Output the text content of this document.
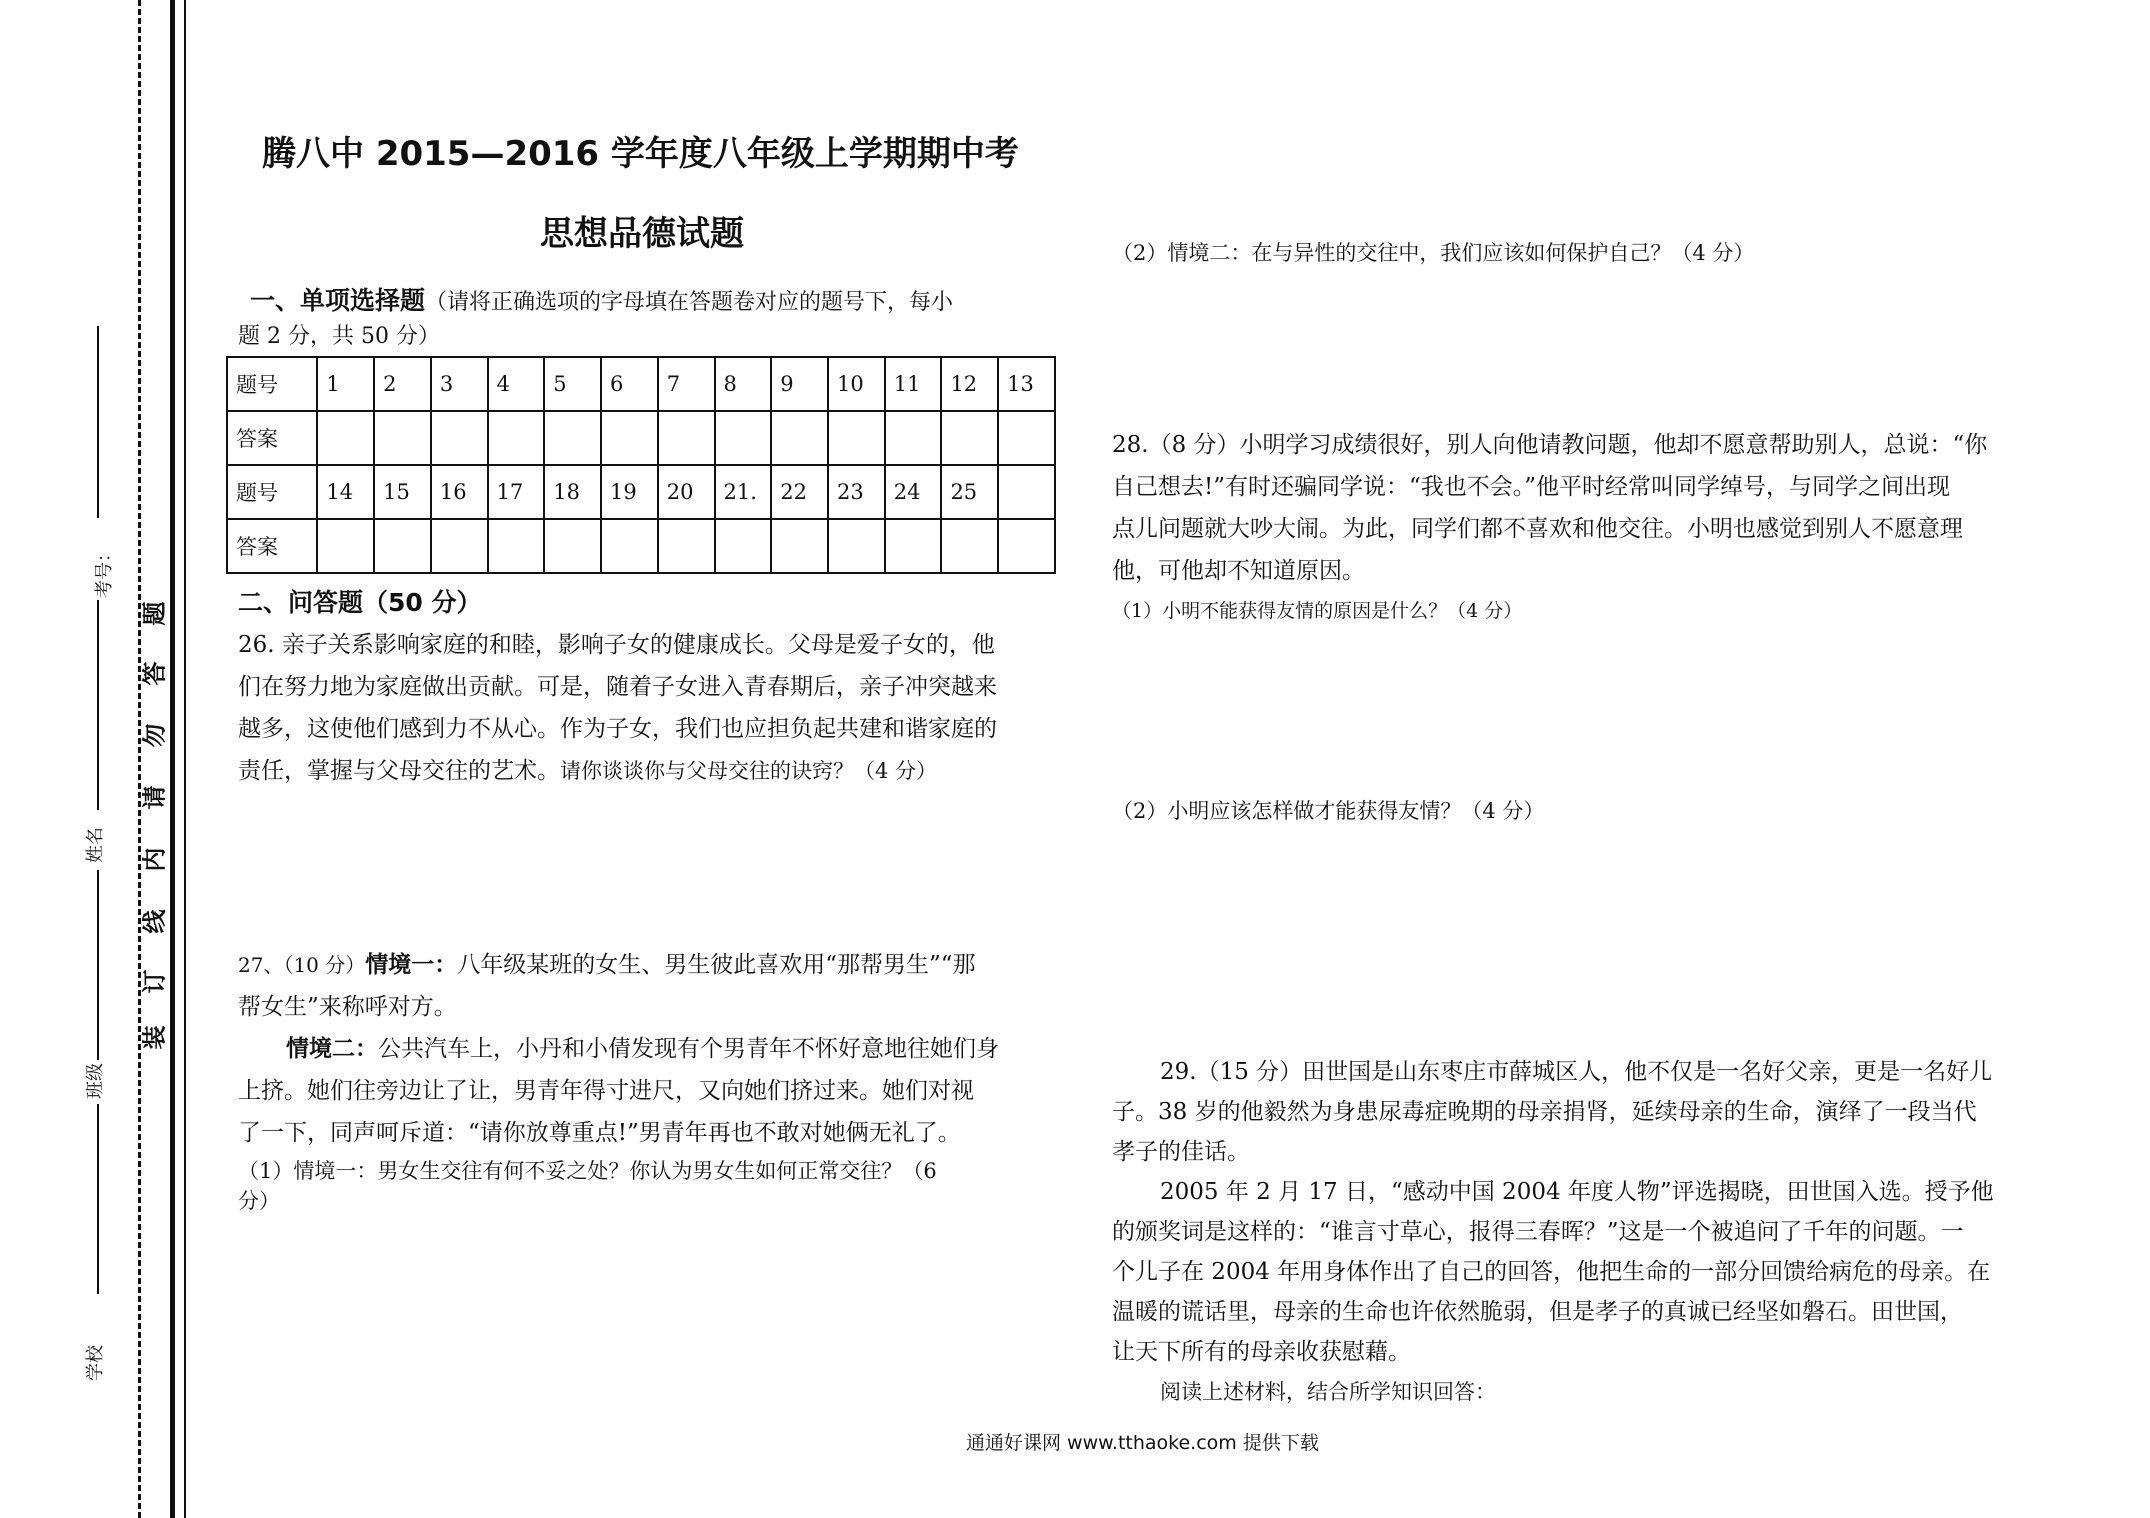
考号：
姓名
班级
学校
题
答
勿
请
内
线
订
装
腾八中 2015—2016 学年度八年级上学期期中考
思想品德试题
一、单项选择题（请将正确选项的字母填在答题卷对应的题号下，每小
题 2 分，共 50 分）
题号	1	2	3	4	5	6	7	8	9	10	11	12	13
答案													
题号	14	15	16	17	18	19	20	21.	22	23	24	25	
答案													
二、问答题（50 分）
26. 亲子关系影响家庭的和睦，影响子女的健康成长。父母是爱子女的，他
们在努力地为家庭做出贡献。可是，随着子女进入青春期后，亲子冲突越来
越多，这使他们感到力不从心。作为子女，我们也应担负起共建和谐家庭的
责任，掌握与父母交往的艺术。请你谈谈你与父母交往的诀窍？（4 分）
27、（10 分）情境一：八年级某班的女生、男生彼此喜欢用“那帮男生”“那
帮女生”来称呼对方。
情境二：公共汽车上，小丹和小倩发现有个男青年不怀好意地往她们身
上挤。她们往旁边让了让，男青年得寸进尺，又向她们挤过来。她们对视
了一下，同声呵斥道：“请你放尊重点!”男青年再也不敢对她俩无礼了。
（1）情境一：男女生交往有何不妥之处？你认为男女生如何正常交往？（6
分）
（2）情境二：在与异性的交往中，我们应该如何保护自己？（4 分）
28.（8 分）小明学习成绩很好，别人向他请教问题，他却不愿意帮助别人，总说：“你
自己想去!”有时还骗同学说：“我也不会。”他平时经常叫同学绰号，与同学之间出现
点儿问题就大吵大闹。为此，同学们都不喜欢和他交往。小明也感觉到别人不愿意理
他，可他却不知道原因。
（1）小明不能获得友情的原因是什么？（4 分）
（2）小明应该怎样做才能获得友情？（4 分）
29.（15 分）田世国是山东枣庄市薛城区人，他不仅是一名好父亲，更是一名好儿
子。38 岁的他毅然为身患尿毒症晚期的母亲捐肾，延续母亲的生命，演绎了一段当代
孝子的佳话。
2005 年 2 月 17 日，“感动中国 2004 年度人物”评选揭晓，田世国入选。授予他
的颁奖词是这样的：“谁言寸草心，报得三春晖？”这是一个被追问了千年的问题。一
个儿子在 2004 年用身体作出了自己的回答，他把生命的一部分回馈给病危的母亲。在
温暖的谎话里，母亲的生命也许依然脆弱，但是孝子的真诚已经坚如磐石。田世国，
让天下所有的母亲收获慰藉。
阅读上述材料，结合所学知识回答：
通通好课网 www.tthaoke.com 提供下载
